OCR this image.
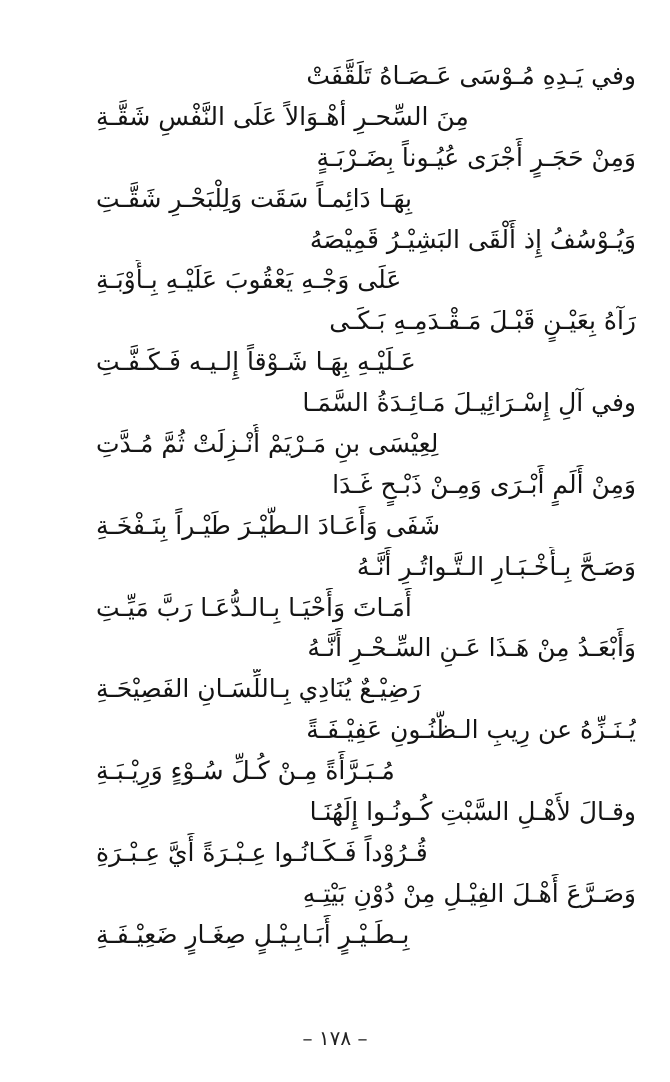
وفي يَـدِهِ مُـوْسَى عَـصَـاهُ تَلَقَّفَتْ
مِنَ السِّحـرِ أهْـوَالاً عَلَى النَّفْسِ شَقَّـةِ
وَمِنْ حَجَـرٍ أَجْرَى عُيُـوناً بِضَـرْبَـةٍ
بِهَـا دَائِمـاً سَقَت وَلِلْبَحْـرِ شَقَّـتِ
وَيُـوْسُفُ إِذ أَلْقَى البَشِيْـرُ قَمِيْصَهُ
عَلَى وَجْـهِ يَعْقُوبَ عَلَيْـهِ بِـأَوْبَـةِ
رَآهُ بِعَيْـنٍ قَبْـلَ مَـقْـدَمِـهِ بَـكَـى
عَـلَيْـهِ بِهَـا شَـوْقاً إِلـيـه فَـكَـفَّـتِ
وفي آلِ إِسْـرَائِيـلَ مَـائِـدَةُ السَّمَـا
لِعِيْسَى بنِ مَـرْيَمْ أُنْـزِلَتْ ثُمَّ مُـدَّتِ
وَمِنْ أَلَمٍ أَبْـرَى وَمِـنْ ذَبْـحٍ غَـدَا
شَفَى وَأَعَـادَ الـطَّيْـرَ طَيْـراً بِنَـفْخَـةِ
وَصَـحَّ بِـأَخْـبَـارِ الـتَّـواتُـرِ أَنَّـهُ
أَمَـاتَ وَأَحْيَـا بِـالـدُّعَـا رَبَّ مَيِّـتِ
وَأَبْعَـدُ مِنْ هَـذَا عَـنِ السِّـحْـرِ أَنَّـهُ
رَضِيْـعٌ يُنَادِي بِـاللِّسَـانِ الفَصِيْحَـةِ
يُـنَـزِّهُ عن رِيبِ الـظُّنُـونِ عَفِيْـفَـةً
مُـبَـرَّأَةً مِـنْ كُـلِّ سُـوْءٍ وَرِيْـبَـةِ
وقـالَ لأَهْـلِ السَّبْتِ كُـونُـوا إِلَهُنَـا
قُـرُوْداً فَـكَـانُـوا عِـبْـرَةً أَيَّ عِـبْـرَةِ
وَصَـرَّعَ أَهْـلَ الفِيْـلِ مِنْ دُوْنِ بَيْتِـهِ
بِـطَـيْـرٍ أَبَـابِـيْـلٍ صِغَـارٍ ضَعِيْـفَـةِ
– ١٧٨ –
